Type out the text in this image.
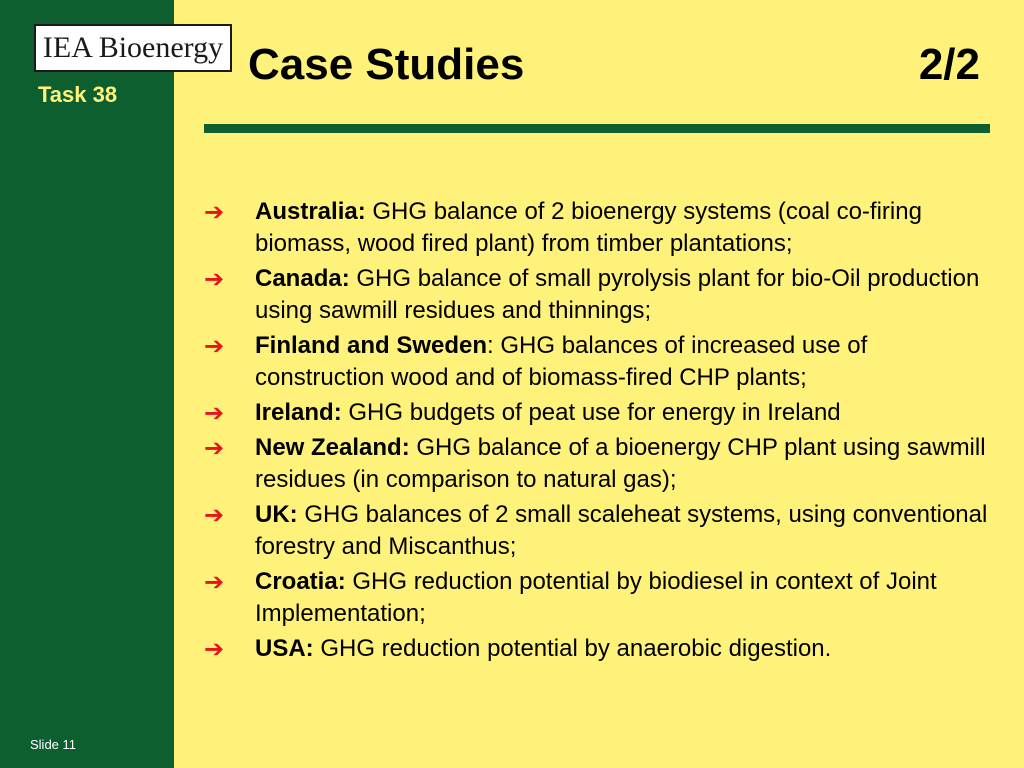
IEA Bioenergy
Task 38
Slide 11
Case Studies	2/2
➔ Australia: GHG balance of 2 bioenergy systems (coal co-firing biomass, wood fired plant) from timber plantations;
➔ Canada: GHG balance of small pyrolysis plant for bio-Oil production using sawmill residues and thinnings;
➔ Finland and Sweden: GHG balances of increased use of construction wood and of biomass-fired CHP plants;
➔ Ireland: GHG budgets of peat use for energy in Ireland
➔ New Zealand: GHG balance of a bioenergy CHP plant using sawmill residues (in comparison to natural gas);
➔ UK: GHG balances of 2 small scaleheat systems, using conventional forestry and Miscanthus;
➔ Croatia: GHG reduction potential by biodiesel in context of Joint Implementation;
➔ USA: GHG reduction potential by anaerobic digestion.
